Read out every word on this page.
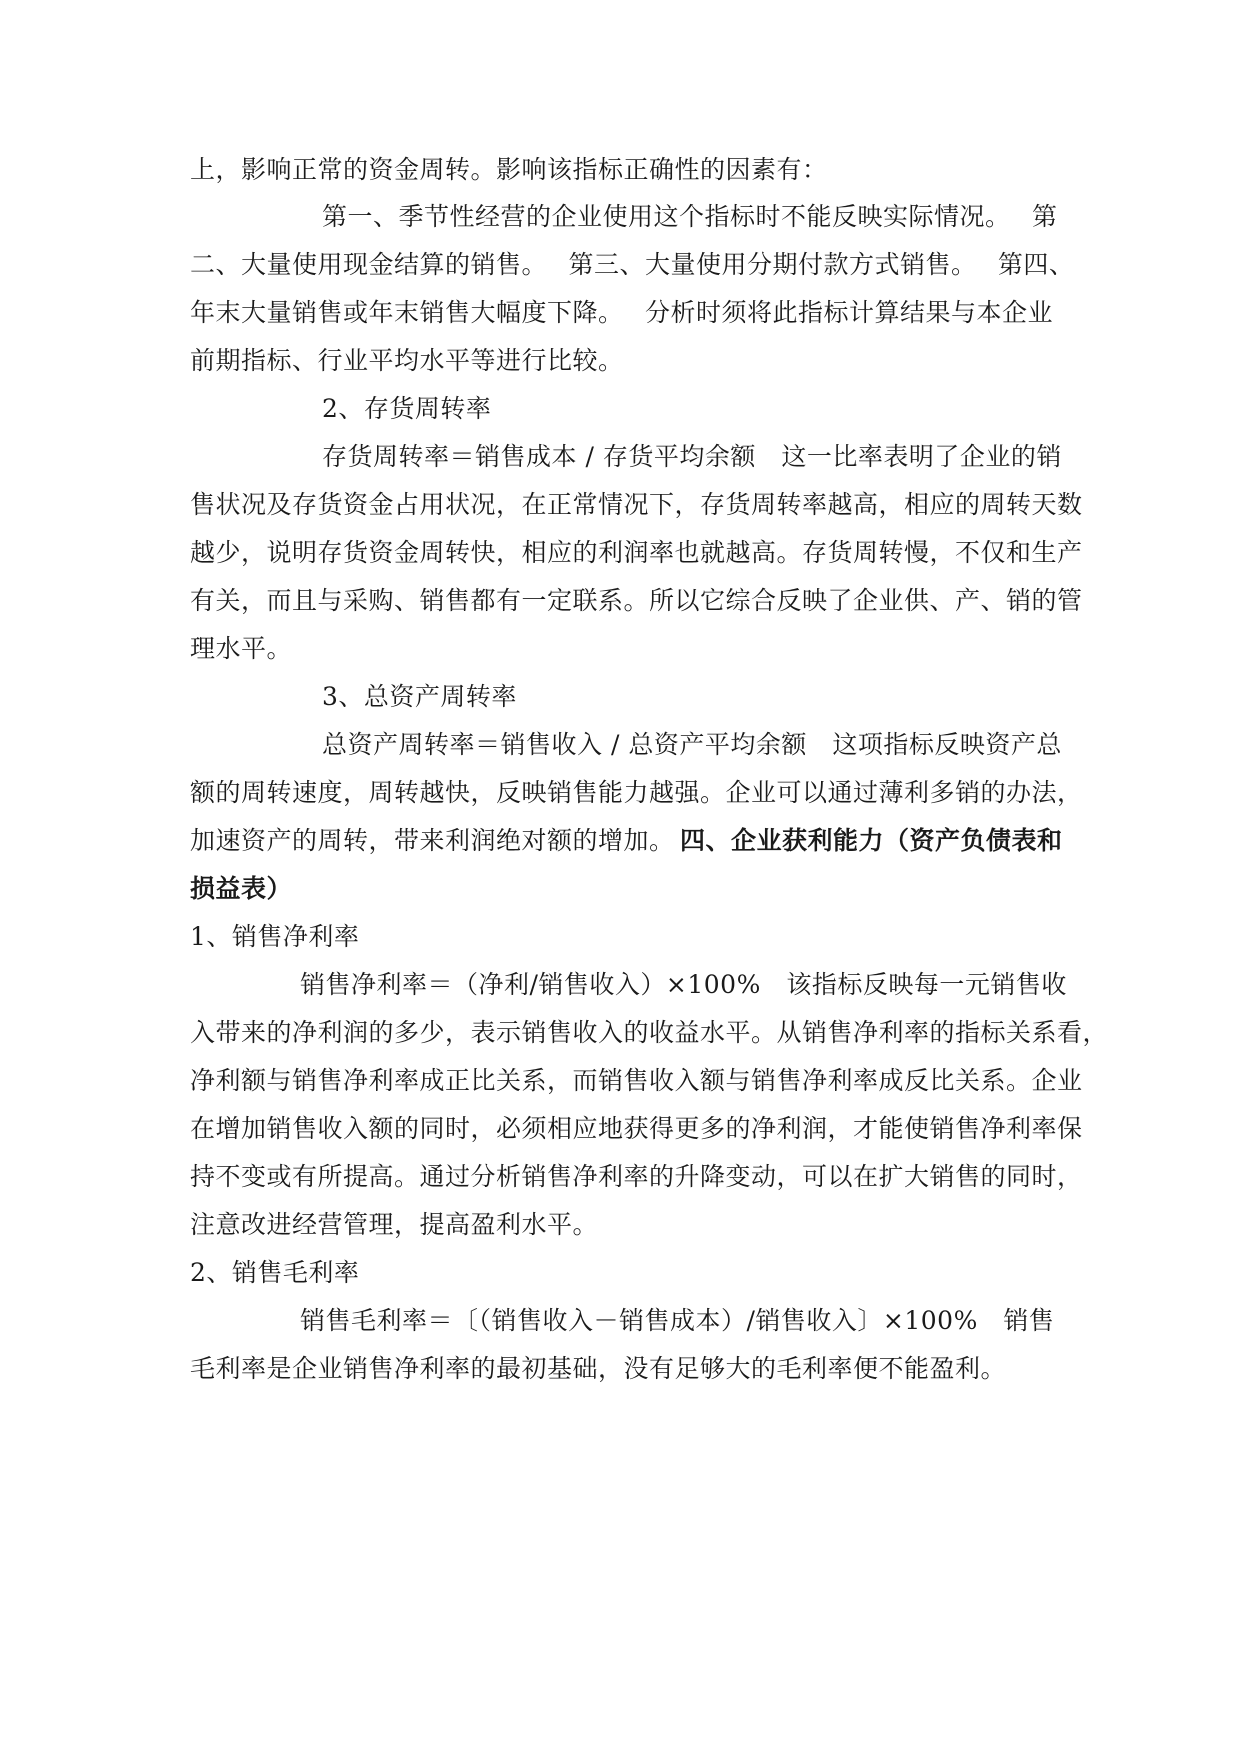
上，影响正常的资金周转。影响该指标正确性的因素有：
第一、季节性经营的企业使用这个指标时不能反映实际情况。　 第
二、大量使用现金结算的销售。　 第三、大量使用分期付款方式销售。　 第四、
年末大量销售或年末销售大幅度下降。　 分析时须将此指标计算结果与本企业
前期指标、行业平均水平等进行比较。
2、存货周转率
存货周转率＝销售成本 / 存货平均余额　这一比率表明了企业的销
售状况及存货资金占用状况，在正常情况下，存货周转率越高，相应的周转天数
越少，说明存货资金周转快，相应的利润率也就越高。存货周转慢，不仅和生产
有关，而且与采购、销售都有一定联系。所以它综合反映了企业供、产、销的管
理水平。
3、总资产周转率
总资产周转率＝销售收入 / 总资产平均余额　这项指标反映资产总
额的周转速度，周转越快，反映销售能力越强。企业可以通过薄利多销的办法，
加速资产的周转，带来利润绝对额的增加。 四、企业获利能力（资产负债表和
损益表）
1、销售净利率
销售净利率＝（净利/销售收入）×100%　该指标反映每一元销售收
入带来的净利润的多少，表示销售收入的收益水平。从销售净利率的指标关系看，
净利额与销售净利率成正比关系，而销售收入额与销售净利率成反比关系。企业
在增加销售收入额的同时，必须相应地获得更多的净利润，才能使销售净利率保
持不变或有所提高。通过分析销售净利率的升降变动，可以在扩大销售的同时，
注意改进经营管理，提高盈利水平。
2、销售毛利率
销售毛利率＝〔（销售收入－销售成本）/销售收入〕×100%　销售
毛利率是企业销售净利率的最初基础，没有足够大的毛利率便不能盈利。
